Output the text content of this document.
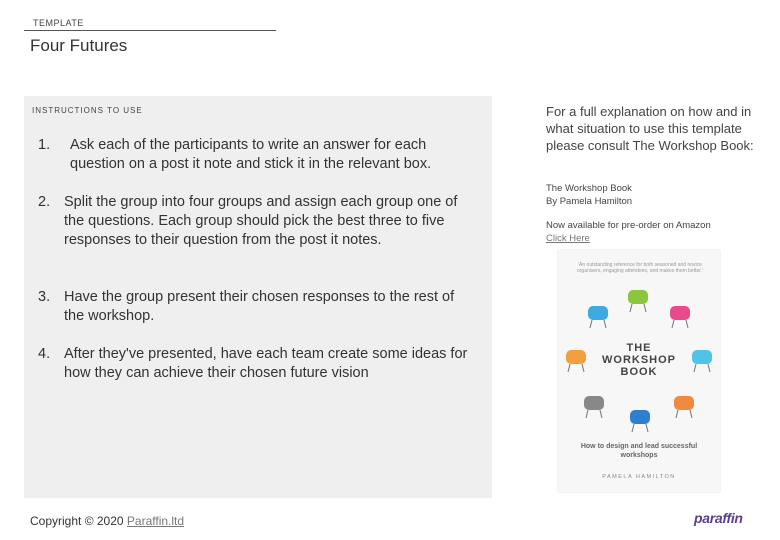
TEMPLATE
Four Futures
INSTRUCTIONS TO USE
1. Ask each of the participants to write an answer for each question on a post it note and stick it in the relevant box.
2. Split the group into four groups and assign each group one of the questions. Each group should pick the best three to five responses to their question from the post it notes.
3. Have the group present their chosen responses to the rest of the workshop.
4. After they've presented, have each team create some ideas for how they can achieve their chosen future vision
Copyright © 2020 Paraffin.ltd
For a full explanation on how and in what situation to use this template please consult The Workshop Book:
The Workshop Book
By Pamela Hamilton
Now available for pre-order on Amazon
Click Here
'An outstanding reference for both seasoned and novice organisers, engaging attendees, and makes them better.'
THE
WORKSHOP
BOOK
How to design and lead successful workshops
PAMELA HAMILTON
paraffin
